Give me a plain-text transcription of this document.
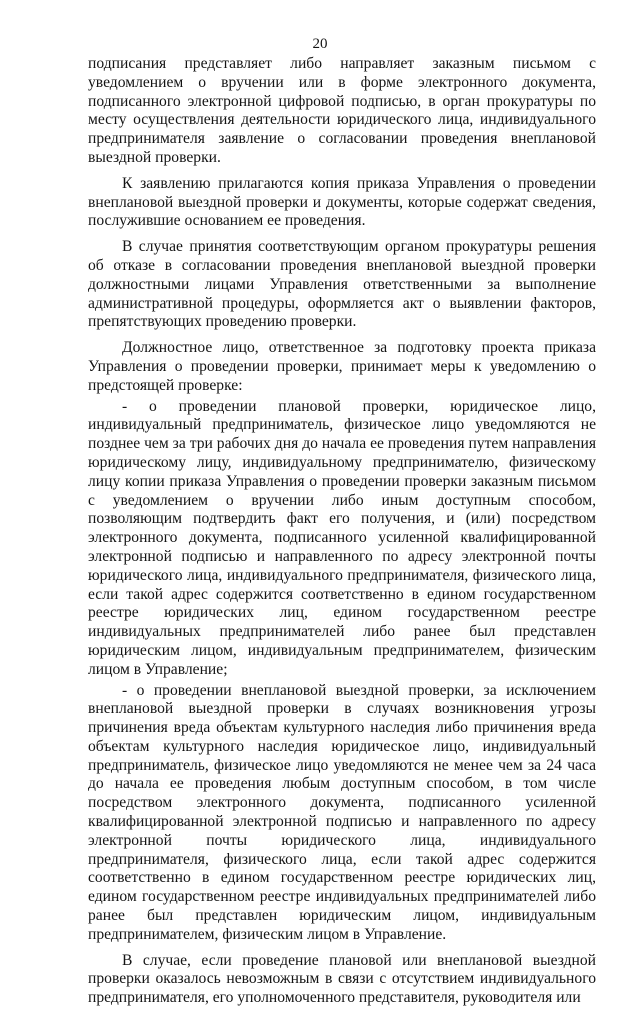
20

подписания представляет либо направляет заказным письмом с уведомлением о вручении или в форме электронного документа, подписанного электронной цифровой подписью, в орган прокуратуры по месту осуществления деятельности юридического лица, индивидуального предпринимателя заявление о согласовании проведения внеплановой выездной проверки.

К заявлению прилагаются копия приказа Управления о проведении внеплановой выездной проверки и документы, которые содержат сведения, послужившие основанием ее проведения.

В случае принятия соответствующим органом прокуратуры решения об отказе в согласовании проведения внеплановой выездной проверки должностными лицами Управления ответственными за выполнение административной процедуры, оформляется акт о выявлении факторов, препятствующих проведению проверки.

Должностное лицо, ответственное за подготовку проекта приказа Управления о проведении проверки, принимает меры к уведомлению о предстоящей проверке:

- о проведении плановой проверки, юридическое лицо, индивидуальный предприниматель, физическое лицо уведомляются не позднее чем за три рабочих дня до начала ее проведения путем направления юридическому лицу, индивидуальному предпринимателю, физическому лицу копии приказа Управления о проведении проверки заказным письмом с уведомлением о вручении либо иным доступным способом, позволяющим подтвердить факт его получения, и (или) посредством электронного документа, подписанного усиленной квалифицированной электронной подписью и направленного по адресу электронной почты юридического лица, индивидуального предпринимателя, физического лица, если такой адрес содержится соответственно в едином государственном реестре юридических лиц, едином государственном реестре индивидуальных предпринимателей либо ранее был представлен юридическим лицом, индивидуальным предпринимателем, физическим лицом в Управление;

- о проведении внеплановой выездной проверки, за исключением внеплановой выездной проверки в случаях возникновения угрозы причинения вреда объектам культурного наследия либо причинения вреда объектам культурного наследия юридическое лицо, индивидуальный предприниматель, физическое лицо уведомляются не менее чем за 24 часа до начала ее проведения любым доступным способом, в том числе посредством электронного документа, подписанного усиленной квалифицированной электронной подписью и направленного по адресу электронной почты юридического лица, индивидуального предпринимателя, физического лица, если такой адрес содержится соответственно в едином государственном реестре юридических лиц, едином государственном реестре индивидуальных предпринимателей либо ранее был представлен юридическим лицом, индивидуальным предпринимателем, физическим лицом в Управление.

В случае, если проведение плановой или внеплановой выездной проверки оказалось невозможным в связи с отсутствием индивидуального предпринимателя, его уполномоченного представителя, руководителя или
